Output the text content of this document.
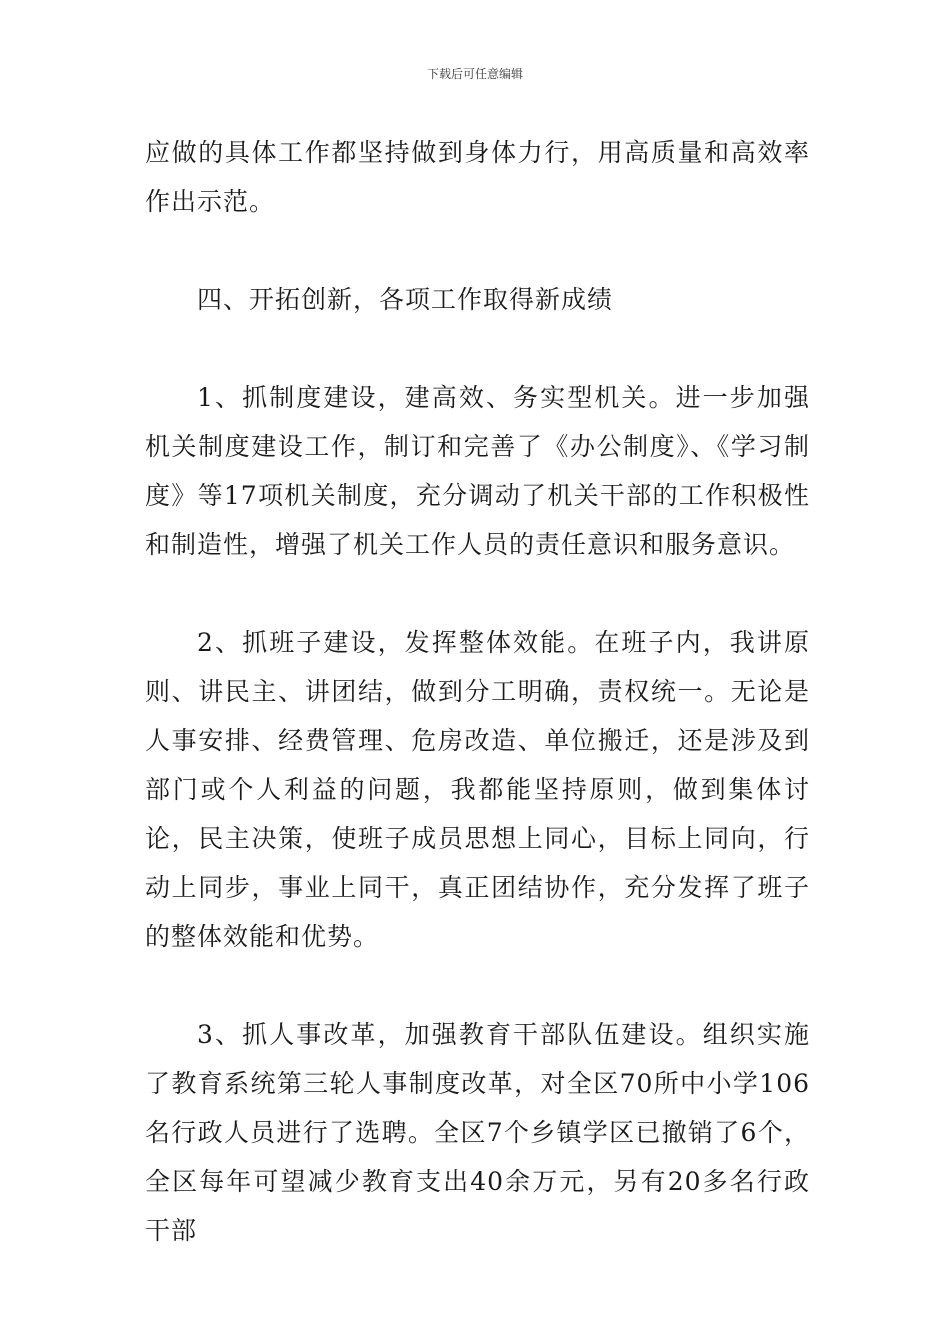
下载后可任意编辑

应做的具体工作都坚持做到身体力行，用高质量和高效率作出示范。

四、开拓创新，各项工作取得新成绩

1、抓制度建设，建高效、务实型机关。进一步加强机关制度建设工作，制订和完善了《办公制度》、《学习制度》等17项机关制度，充分调动了机关干部的工作积极性和制造性，增强了机关工作人员的责任意识和服务意识。

2、抓班子建设，发挥整体效能。在班子内，我讲原则、讲民主、讲团结，做到分工明确，责权统一。无论是人事安排、经费管理、危房改造、单位搬迁，还是涉及到部门或个人利益的问题，我都能坚持原则，做到集体讨论，民主决策，使班子成员思想上同心，目标上同向，行动上同步，事业上同干，真正团结协作，充分发挥了班子的整体效能和优势。

3、抓人事改革，加强教育干部队伍建设。组织实施了教育系统第三轮人事制度改革，对全区70所中小学106名行政人员进行了选聘。全区7个乡镇学区已撤销了6个，全区每年可望减少教育支出40余万元，另有20多名行政干部
